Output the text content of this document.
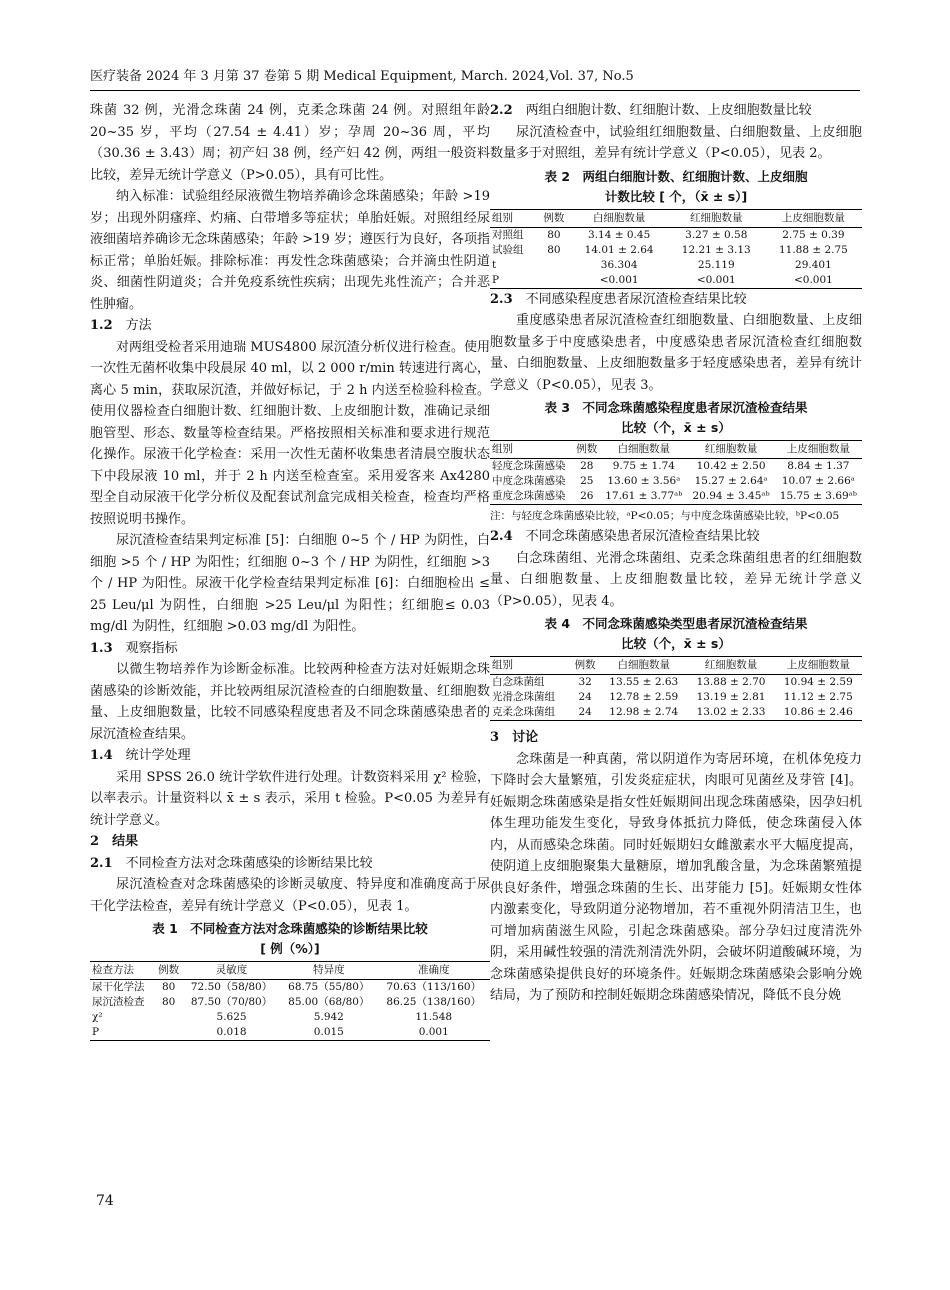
医疗装备 2024 年 3 月第 37 卷第 5 期 Medical Equipment, March. 2024,Vol. 37, No.5

珠菌 32 例，光滑念珠菌 24 例，克柔念珠菌 24 例。对照组年龄 20~35 岁，平均（27.54 ± 4.41）岁；孕周 20~36 周，平均（30.36 ± 3.43）周；初产妇 38 例，经产妇 42 例，两组一般资料比较，差异无统计学意义（P>0.05），具有可比性。

纳入标准：试验组经尿液微生物培养确诊念珠菌感染；年龄 >19 岁；出现外阴瘙痒、灼痛、白带增多等症状；单胎妊娠。对照组经尿液细菌培养确诊无念珠菌感染；年龄 >19 岁；遵医行为良好，各项指标正常；单胎妊娠。排除标准：再发性念珠菌感染；合并滴虫性阴道炎、细菌性阴道炎；合并免疫系统性疾病；出现先兆性流产；合并恶性肿瘤。

1.2　 方法

对两组受检者采用迪瑞 MUS4800 尿沉渣分析仪进行检查。使用一次性无菌杯收集中段晨尿 40 ml，以 2 000 r/min 转速进行离心，离心 5 min，获取尿沉渣，并做好标记，于 2 h 内送至检验科检查。使用仪器检查白细胞计数、红细胞计数、上皮细胞计数，准确记录细胞管型、形态、数量等检查结果。严格按照相关标准和要求进行规范化操作。尿液干化学检查：采用一次性无菌杯收集患者清晨空腹状态下中段尿液 10 ml，并于 2 h 内送至检查室。采用爱客来 Ax4280 型全自动尿液干化学分析仪及配套试剂盒完成相关检查，检查均严格按照说明书操作。

尿沉渣检查结果判定标准 [5]：白细胞 0~5 个 / HP 为阴性，白细胞 >5 个 / HP 为阳性；红细胞 0~3 个 / HP 为阴性，红细胞 >3 个 / HP 为阳性。尿液干化学检查结果判定标准 [6]：白细胞检出 ≤ 25 Leu/μl 为阴性，白细胞 >25 Leu/μl 为阳性；红细胞≤ 0.03 mg/dl 为阴性，红细胞 >0.03 mg/dl 为阳性。

1.3　 观察指标

以微生物培养作为诊断金标准。比较两种检查方法对妊娠期念珠菌感染的诊断效能，并比较两组尿沉渣检查的白细胞数量、红细胞数量、上皮细胞数量，比较不同感染程度患者及不同念珠菌感染患者的尿沉渣检查结果。

1.4　 统计学处理

采用 SPSS 26.0 统计学软件进行处理。计数资料采用 χ² 检验，以率表示。计量资料以 x̄ ± s 表示，采用 t 检验。P<0.05 为差异有统计学意义。

2　 结果
2.1　 不同检查方法对念珠菌感染的诊断结果比较

尿沉渣检查对念珠菌感染的诊断灵敏度、特异度和准确度高于尿干化学法检查，差异有统计学意义（P<0.05），见表 1。

表 1　不同检查方法对念珠菌感染的诊断结果比较
[ 例（%）]
检查方法	例数	灵敏度	特异度	准确度
尿干化学法	80	72.50（58/80）	68.75（55/80）	70.63（113/160）
尿沉渣检查	80	87.50（70/80）	85.00（68/80）	86.25（138/160）
χ²		5.625	5.942	11.548
P		0.018	0.015	0.001
2.2　 两组白细胞计数、红细胞计数、上皮细胞数量比较

尿沉渣检查中，试验组红细胞数量、白细胞数量、上皮细胞数量多于对照组，差异有统计学意义（P<0.05），见表 2。

表 2　两组白细胞计数、红细胞计数、上皮细胞
计数比较 [ 个，（x̄ ± s）]
组别	例数	白细胞数量	红细胞数量	上皮细胞数量
对照组	80	3.14 ± 0.45	3.27 ± 0.58	2.75 ± 0.39
试验组	80	14.01 ± 2.64	12.21 ± 3.13	11.88 ± 2.75
t		36.304	25.119	29.401
P		<0.001	<0.001	<0.001
2.3　 不同感染程度患者尿沉渣检查结果比较

重度感染患者尿沉渣检查红细胞数量、白细胞数量、上皮细胞数量多于中度感染患者，中度感染患者尿沉渣检查红细胞数量、白细胞数量、上皮细胞数量多于轻度感染患者，差异有统计学意义（P<0.05），见表 3。

表 3　不同念珠菌感染程度患者尿沉渣检查结果
比较（个，x̄ ± s）
组别	例数	白细胞数量	红细胞数量	上皮细胞数量
轻度念珠菌感染	28	9.75 ± 1.74	10.42 ± 2.50	8.84 ± 1.37
中度念珠菌感染	25	13.60 ± 3.56ᵃ	15.27 ± 2.64ᵃ	10.07 ± 2.66ᵃ
重度念珠菌感染	26	17.61 ± 3.77ᵃᵇ	20.94 ± 3.45ᵃᵇ	15.75 ± 3.69ᵃᵇ
注：与轻度念珠菌感染比较，ᵃP<0.05；与中度念珠菌感染比较，ᵇP<0.05
2.4　 不同念珠菌感染患者尿沉渣检查结果比较

白念珠菌组、光滑念珠菌组、克柔念珠菌组患者的红细胞数量、白细胞数量、上皮细胞数量比较，差异无统计学意义（P>0.05），见表 4。

表 4　不同念珠菌感染类型患者尿沉渣检查结果
比较（个，x̄ ± s）
组别	例数	白细胞数量	红细胞数量	上皮细胞数量
白念珠菌组	32	13.55 ± 2.63	13.88 ± 2.70	10.94 ± 2.59
光滑念珠菌组	24	12.78 ± 2.59	13.19 ± 2.81	11.12 ± 2.75
克柔念珠菌组	24	12.98 ± 2.74	13.02 ± 2.33	10.86 ± 2.46
3　 讨论

念珠菌是一种真菌，常以阴道作为寄居环境，在机体免疫力下降时会大量繁殖，引发炎症症状，肉眼可见菌丝及芽管 [4]。妊娠期念珠菌感染是指女性妊娠期间出现念珠菌感染，因孕妇机体生理功能发生变化，导致身体抵抗力降低，使念珠菌侵入体内，从而感染念珠菌。同时妊娠期妇女雌激素水平大幅度提高，使阴道上皮细胞聚集大量糖原，增加乳酸含量，为念珠菌繁殖提供良好条件，增强念珠菌的生长、出芽能力 [5]。妊娠期女性体内激素变化，导致阴道分泌物增加，若不重视外阴清洁卫生，也可增加病菌滋生风险，引起念珠菌感染。部分孕妇过度清洗外阴，采用碱性较强的清洗剂清洗外阴，会破坏阴道酸碱环境，为念珠菌感染提供良好的环境条件。妊娠期念珠菌感染会影响分娩结局，为了预防和控制妊娠期念珠菌感染情况，降低不良分娩

74
